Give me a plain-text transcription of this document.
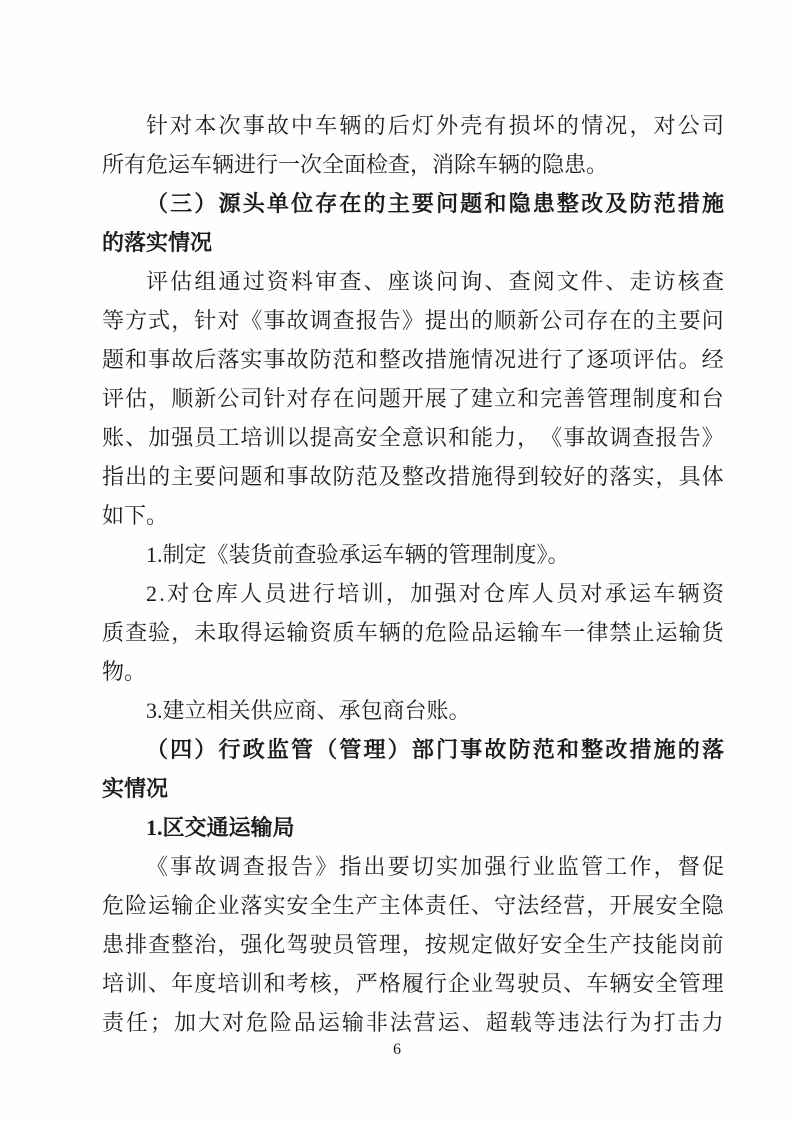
针 对 本 次 事 故 中 车 辆 的 后 灯 外 壳 有 损 坏 的 情 况 ， 对 公 司
所有危运车辆进行一次全面检查，消除车辆的隐患。
（ 三 ） 源 头 单 位 存 在 的 主 要 问 题 和 隐 患 整 改 及 防 范 措 施
的落实情况
评 估 组 通 过 资 料 审 查 、 座 谈 问 询 、 查 阅 文 件 、 走 访 核 查
等 方 式 ， 针 对 《 事 故 调 查 报 告 》 提 出 的 顺 新 公 司 存 在 的 主 要 问
题 和 事 故 后 落 实 事 故 防 范 和 整 改 措 施 情 况 进 行 了 逐 项 评 估 。 经
评 估 ， 顺 新 公 司 针 对 存 在 问 题 开 展 了 建 立 和 完 善 管 理 制 度 和 台
账 、 加 强 员 工 培 训 以 提 高 安 全 意 识 和 能 力 ， 《 事 故 调 查 报 告 》
指 出 的 主 要 问 题 和 事 故 防 范 及 整 改 措 施 得 到 较 好 的 落 实 ， 具 体
如下。
1.制定《装货前查验承运车辆的管理制度》。
2 . 对 仓 库 人 员 进 行 培 训 ， 加 强 对 仓 库 人 员 对 承 运 车 辆 资
质 查 验 ， 未 取 得 运 输 资 质 车 辆 的 危 险 品 运 输 车 一 律 禁 止 运 输 货
物。
3.建立相关供应商、承包商台账。
（ 四 ） 行 政 监 管 （ 管 理 ） 部 门 事 故 防 范 和 整 改 措 施 的 落
实情况
1.区交通运输局
《 事 故 调 查 报 告 》 指 出 要 切 实 加 强 行 业 监 管 工 作 ， 督 促
危 险 运 输 企 业 落 实 安 全 生 产 主 体 责 任 、 守 法 经 营 ， 开 展 安 全 隐
患 排 查 整 治 ， 强 化 驾 驶 员 管 理 ， 按 规 定 做 好 安 全 生 产 技 能 岗 前
培 训 、 年 度 培 训 和 考 核 ， 严 格 履 行 企 业 驾 驶 员 、 车 辆 安 全 管 理
责 任 ； 加 大 对 危 险 品 运 输 非 法 营 运 、 超 载 等 违 法 行 为 打 击 力
6
